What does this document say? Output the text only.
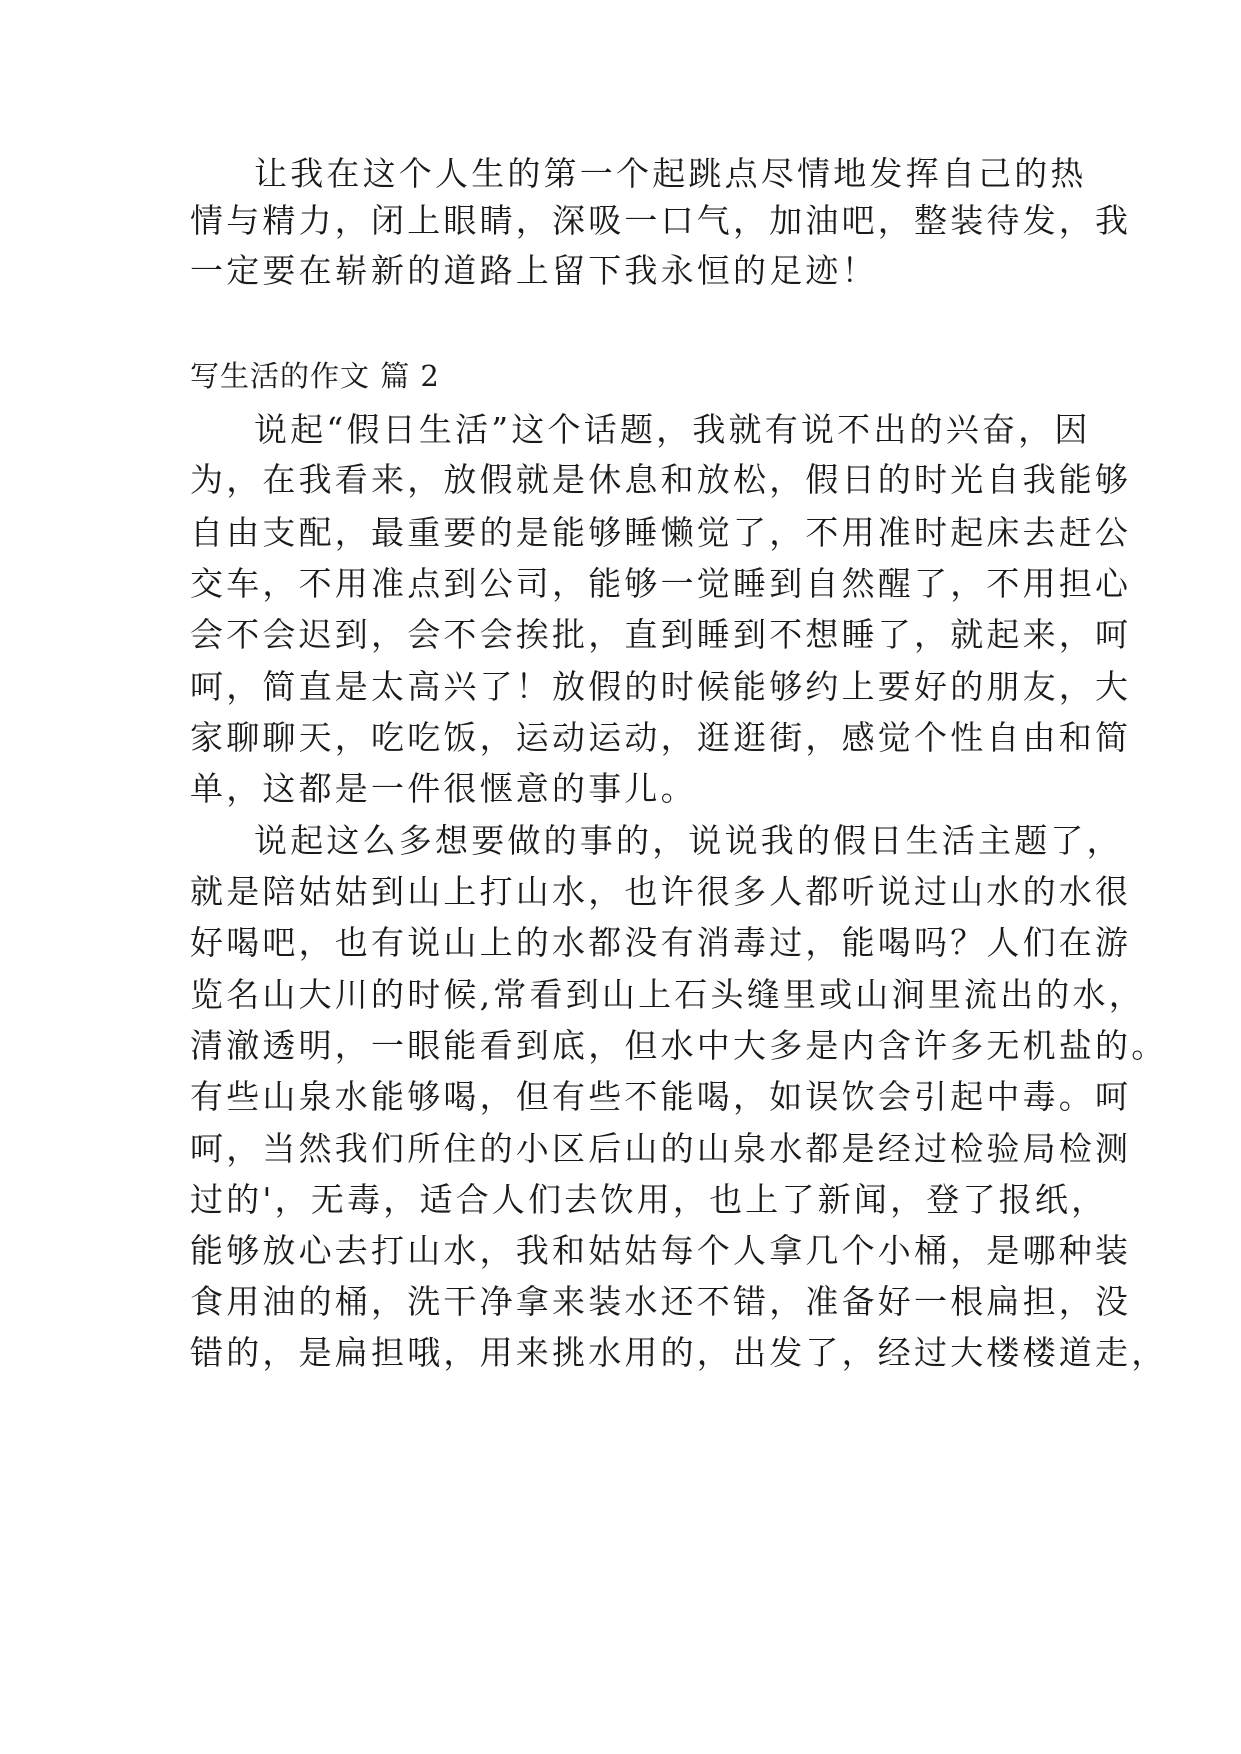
让我在这个人生的第一个起跳点尽情地发挥自己的热
情与精力，闭上眼睛，深吸一口气，加油吧，整装待发，我
一定要在崭新的道路上留下我永恒的足迹！
写生活的作文 篇 2
说起“假日生活”这个话题，我就有说不出的兴奋，因
为，在我看来，放假就是休息和放松，假日的时光自我能够
自由支配，最重要的是能够睡懒觉了，不用准时起床去赶公
交车，不用准点到公司，能够一觉睡到自然醒了，不用担心
会不会迟到，会不会挨批，直到睡到不想睡了，就起来，呵
呵，简直是太高兴了！放假的时候能够约上要好的朋友，大
家聊聊天，吃吃饭，运动运动，逛逛街，感觉个性自由和简
单，这都是一件很惬意的事儿。
说起这么多想要做的事的，说说我的假日生活主题了，
就是陪姑姑到山上打山水，也许很多人都听说过山水的水很
好喝吧，也有说山上的水都没有消毒过，能喝吗？人们在游
览名山大川的时候,常看到山上石头缝里或山涧里流出的水，
清澈透明，一眼能看到底，但水中大多是内含许多无机盐的。
有些山泉水能够喝，但有些不能喝，如误饮会引起中毒。呵
呵，当然我们所住的小区后山的山泉水都是经过检验局检测
过的'，无毒，适合人们去饮用，也上了新闻，登了报纸，
能够放心去打山水，我和姑姑每个人拿几个小桶，是哪种装
食用油的桶，洗干净拿来装水还不错，准备好一根扁担，没
错的，是扁担哦，用来挑水用的，出发了，经过大楼楼道走，
